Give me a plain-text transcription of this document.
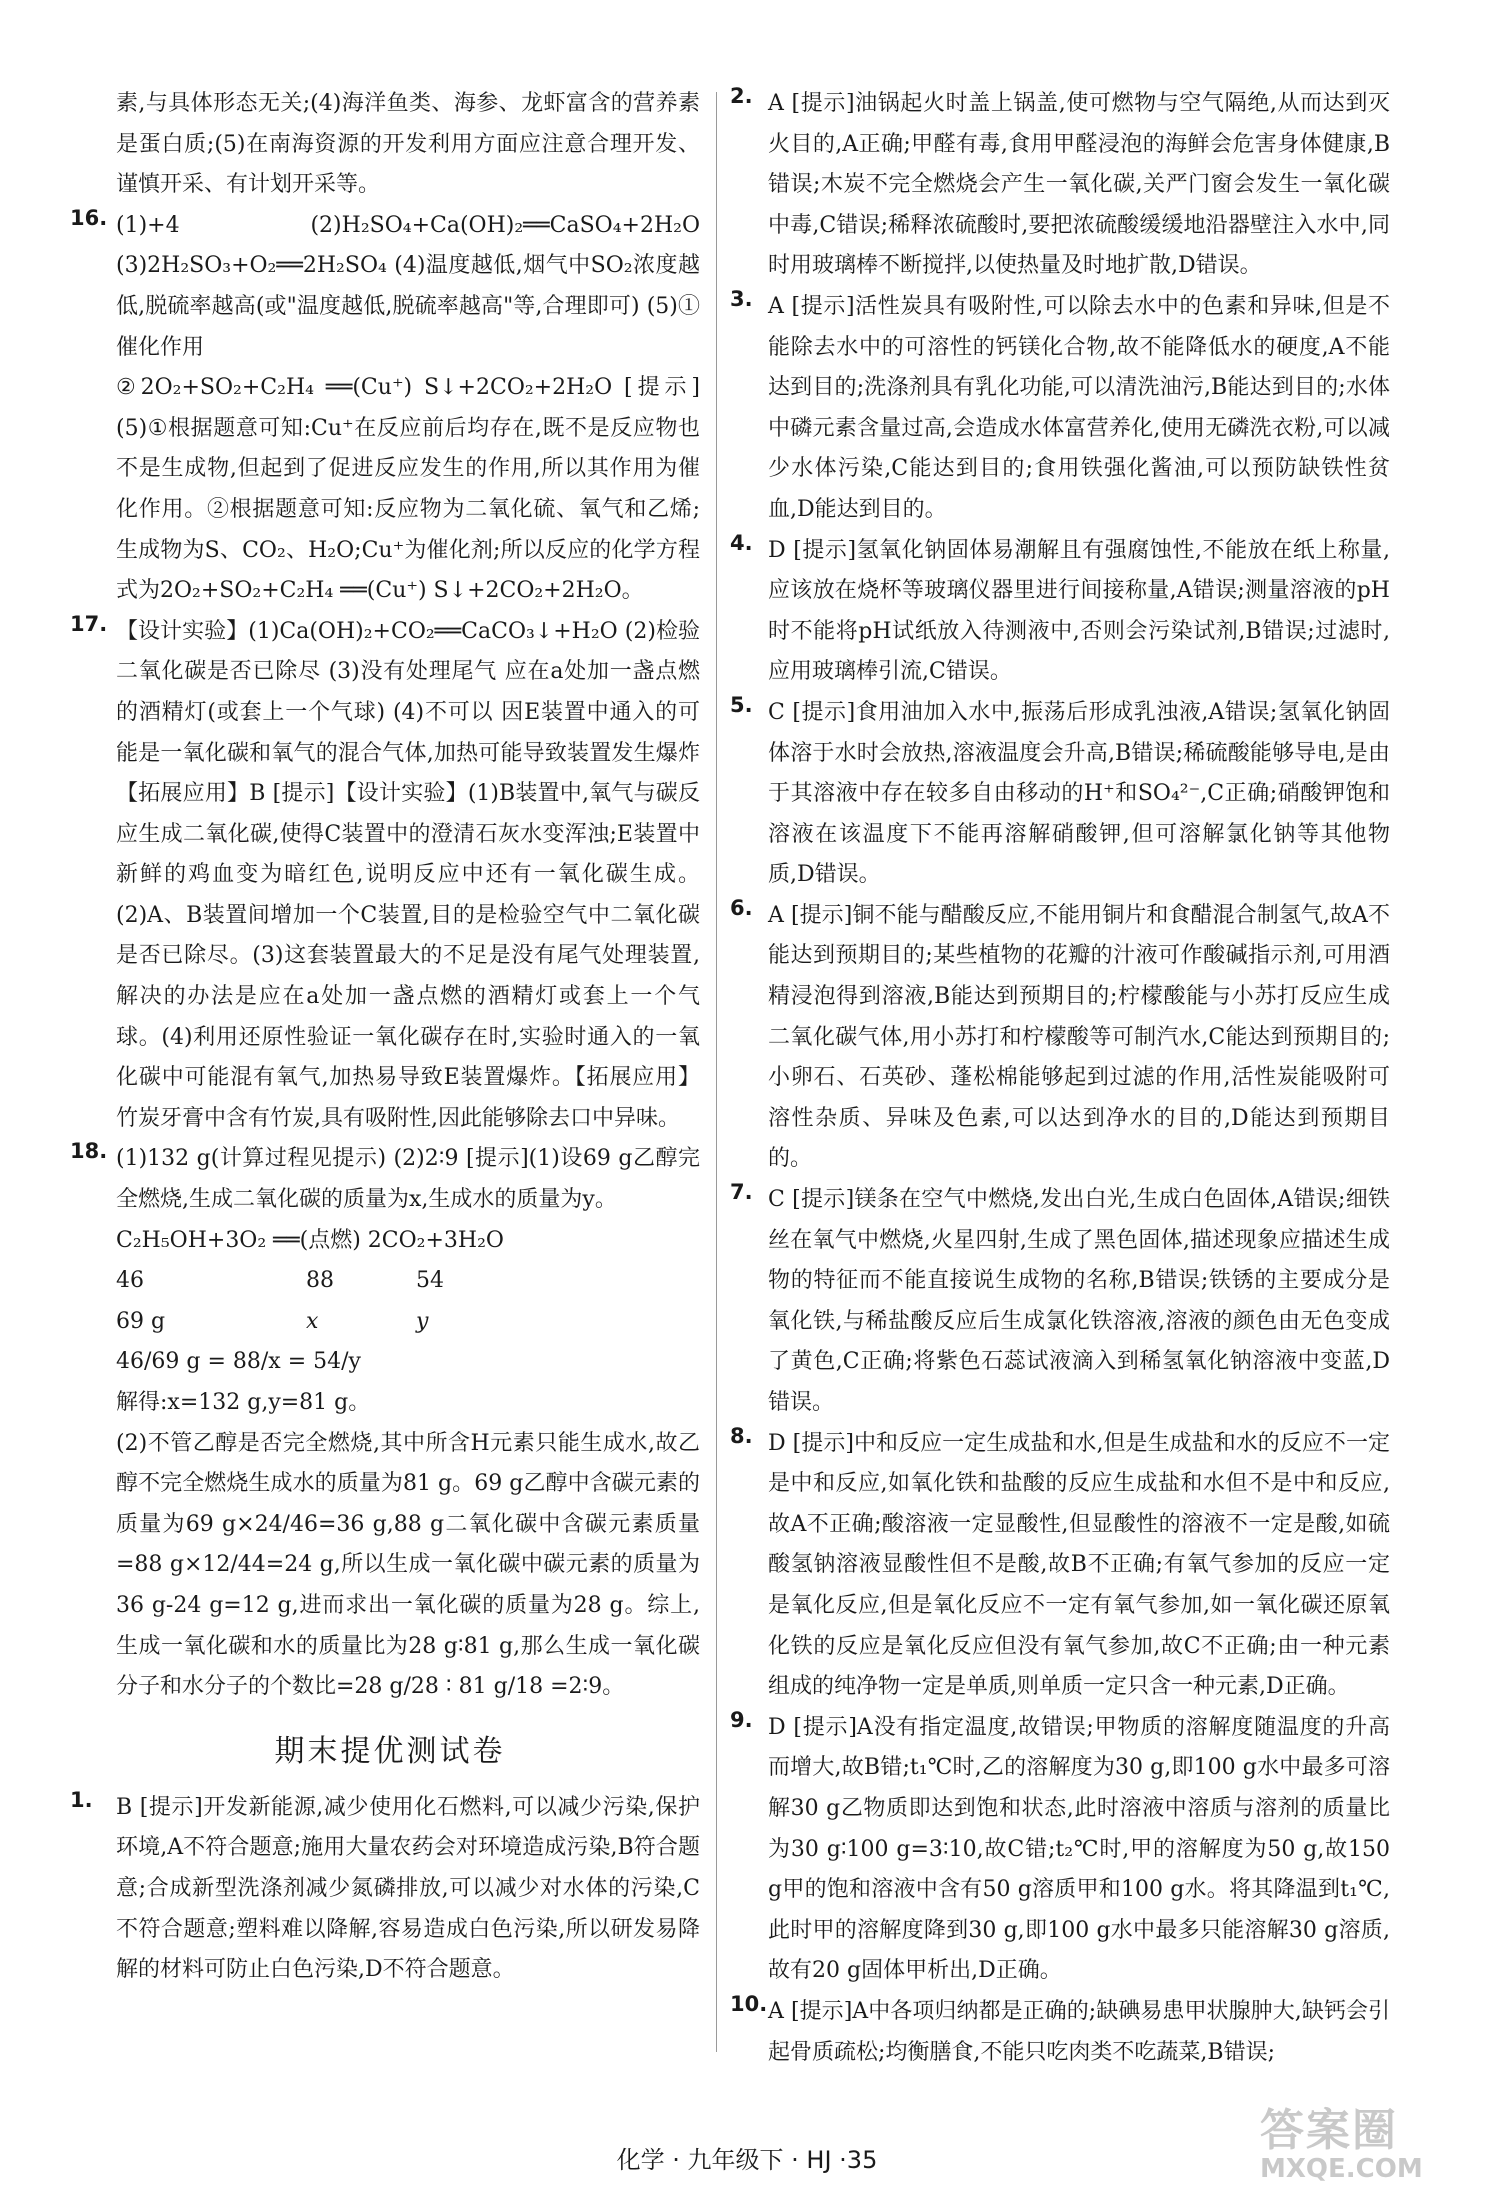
素,与具体形态无关;(4)海洋鱼类、海参、龙虾富含的营养素是蛋白质;(5)在南海资源的开发利用方面应注意合理开发、谨慎开采、有计划开采等。

16. (1)+4 (2)H₂SO₄+Ca(OH)₂══CaSO₄+2H₂O (3)2H₂SO₃+O₂══2H₂SO₄ (4)温度越低,烟气中SO₂浓度越低,脱硫率越高(或"温度越低,脱硫率越高"等,合理即可) (5)①催化作用

②2O₂+SO₂+C₂H₄ ══(Cu⁺) S↓+2CO₂+2H₂O [提示](5)①根据题意可知:Cu⁺在反应前后均存在,既不是反应物也不是生成物,但起到了促进反应发生的作用,所以其作用为催化作用。②根据题意可知:反应物为二氧化硫、氧气和乙烯;生成物为S、CO₂、H₂O;Cu⁺为催化剂;所以反应的化学方程式为2O₂+SO₂+C₂H₄ ══(Cu⁺) S↓+2CO₂+2H₂O。

17. 【设计实验】(1)Ca(OH)₂+CO₂══CaCO₃↓+H₂O (2)检验二氧化碳是否已除尽 (3)没有处理尾气 应在a处加一盏点燃的酒精灯(或套上一个气球) (4)不可以 因E装置中通入的可能是一氧化碳和氧气的混合气体,加热可能导致装置发生爆炸 【拓展应用】B [提示]【设计实验】(1)B装置中,氧气与碳反应生成二氧化碳,使得C装置中的澄清石灰水变浑浊;E装置中新鲜的鸡血变为暗红色,说明反应中还有一氧化碳生成。(2)A、B装置间增加一个C装置,目的是检验空气中二氧化碳是否已除尽。(3)这套装置最大的不足是没有尾气处理装置,解决的办法是应在a处加一盏点燃的酒精灯或套上一个气球。(4)利用还原性验证一氧化碳存在时,实验时通入的一氧化碳中可能混有氧气,加热易导致E装置爆炸。【拓展应用】竹炭牙膏中含有竹炭,具有吸附性,因此能够除去口中异味。

18. (1)132 g(计算过程见提示) (2)2∶9 [提示](1)设69 g乙醇完全燃烧,生成二氧化碳的质量为x,生成水的质量为y。

C₂H₅OH+3O₂ ══(点燃) 2CO₂+3H₂O

46	88	54
69 g	x	y

46/69 g = 88/x = 54/y

解得:x=132 g,y=81 g。

(2)不管乙醇是否完全燃烧,其中所含H元素只能生成水,故乙醇不完全燃烧生成水的质量为81 g。69 g乙醇中含碳元素的质量为69 g×24/46=36 g,88 g二氧化碳中含碳元素质量=88 g×12/44=24 g,所以生成一氧化碳中碳元素的质量为36 g-24 g=12 g,进而求出一氧化碳的质量为28 g。综上,生成一氧化碳和水的质量比为28 g∶81 g,那么生成一氧化碳分子和水分子的个数比=28 g/28 ∶ 81 g/18 =2∶9。

期末提优测试卷
1. B [提示]开发新能源,减少使用化石燃料,可以减少污染,保护环境,A不符合题意;施用大量农药会对环境造成污染,B符合题意;合成新型洗涤剂减少氮磷排放,可以减少对水体的污染,C不符合题意;塑料难以降解,容易造成白色污染,所以研发易降解的材料可防止白色污染,D不符合题意。

2. A [提示]油锅起火时盖上锅盖,使可燃物与空气隔绝,从而达到灭火目的,A正确;甲醛有毒,食用甲醛浸泡的海鲜会危害身体健康,B错误;木炭不完全燃烧会产生一氧化碳,关严门窗会发生一氧化碳中毒,C错误;稀释浓硫酸时,要把浓硫酸缓缓地沿器壁注入水中,同时用玻璃棒不断搅拌,以使热量及时地扩散,D错误。

3. A [提示]活性炭具有吸附性,可以除去水中的色素和异味,但是不能除去水中的可溶性的钙镁化合物,故不能降低水的硬度,A不能达到目的;洗涤剂具有乳化功能,可以清洗油污,B能达到目的;水体中磷元素含量过高,会造成水体富营养化,使用无磷洗衣粉,可以减少水体污染,C能达到目的;食用铁强化酱油,可以预防缺铁性贫血,D能达到目的。

4. D [提示]氢氧化钠固体易潮解且有强腐蚀性,不能放在纸上称量,应该放在烧杯等玻璃仪器里进行间接称量,A错误;测量溶液的pH时不能将pH试纸放入待测液中,否则会污染试剂,B错误;过滤时,应用玻璃棒引流,C错误。

5. C [提示]食用油加入水中,振荡后形成乳浊液,A错误;氢氧化钠固体溶于水时会放热,溶液温度会升高,B错误;稀硫酸能够导电,是由于其溶液中存在较多自由移动的H⁺和SO₄²⁻,C正确;硝酸钾饱和溶液在该温度下不能再溶解硝酸钾,但可溶解氯化钠等其他物质,D错误。

6. A [提示]铜不能与醋酸反应,不能用铜片和食醋混合制氢气,故A不能达到预期目的;某些植物的花瓣的汁液可作酸碱指示剂,可用酒精浸泡得到溶液,B能达到预期目的;柠檬酸能与小苏打反应生成二氧化碳气体,用小苏打和柠檬酸等可制汽水,C能达到预期目的;小卵石、石英砂、蓬松棉能够起到过滤的作用,活性炭能吸附可溶性杂质、异味及色素,可以达到净水的目的,D能达到预期目的。

7. C [提示]镁条在空气中燃烧,发出白光,生成白色固体,A错误;细铁丝在氧气中燃烧,火星四射,生成了黑色固体,描述现象应描述生成物的特征而不能直接说生成物的名称,B错误;铁锈的主要成分是氧化铁,与稀盐酸反应后生成氯化铁溶液,溶液的颜色由无色变成了黄色,C正确;将紫色石蕊试液滴入到稀氢氧化钠溶液中变蓝,D错误。

8. D [提示]中和反应一定生成盐和水,但是生成盐和水的反应不一定是中和反应,如氧化铁和盐酸的反应生成盐和水但不是中和反应,故A不正确;酸溶液一定显酸性,但显酸性的溶液不一定是酸,如硫酸氢钠溶液显酸性但不是酸,故B不正确;有氧气参加的反应一定是氧化反应,但是氧化反应不一定有氧气参加,如一氧化碳还原氧化铁的反应是氧化反应但没有氧气参加,故C不正确;由一种元素组成的纯净物一定是单质,则单质一定只含一种元素,D正确。

9. D [提示]A没有指定温度,故错误;甲物质的溶解度随温度的升高而增大,故B错;t₁℃时,乙的溶解度为30 g,即100 g水中最多可溶解30 g乙物质即达到饱和状态,此时溶液中溶质与溶剂的质量比为30 g∶100 g=3∶10,故C错;t₂℃时,甲的溶解度为50 g,故150 g甲的饱和溶液中含有50 g溶质甲和100 g水。将其降温到t₁℃,此时甲的溶解度降到30 g,即100 g水中最多只能溶解30 g溶质,故有20 g固体甲析出,D正确。

10. A [提示]A中各项归纳都是正确的;缺碘易患甲状腺肿大,缺钙会引起骨质疏松;均衡膳食,不能只吃肉类不吃蔬菜,B错误;

化学 · 九年级下 · HJ ·35
答案圈
MXQE.COM
